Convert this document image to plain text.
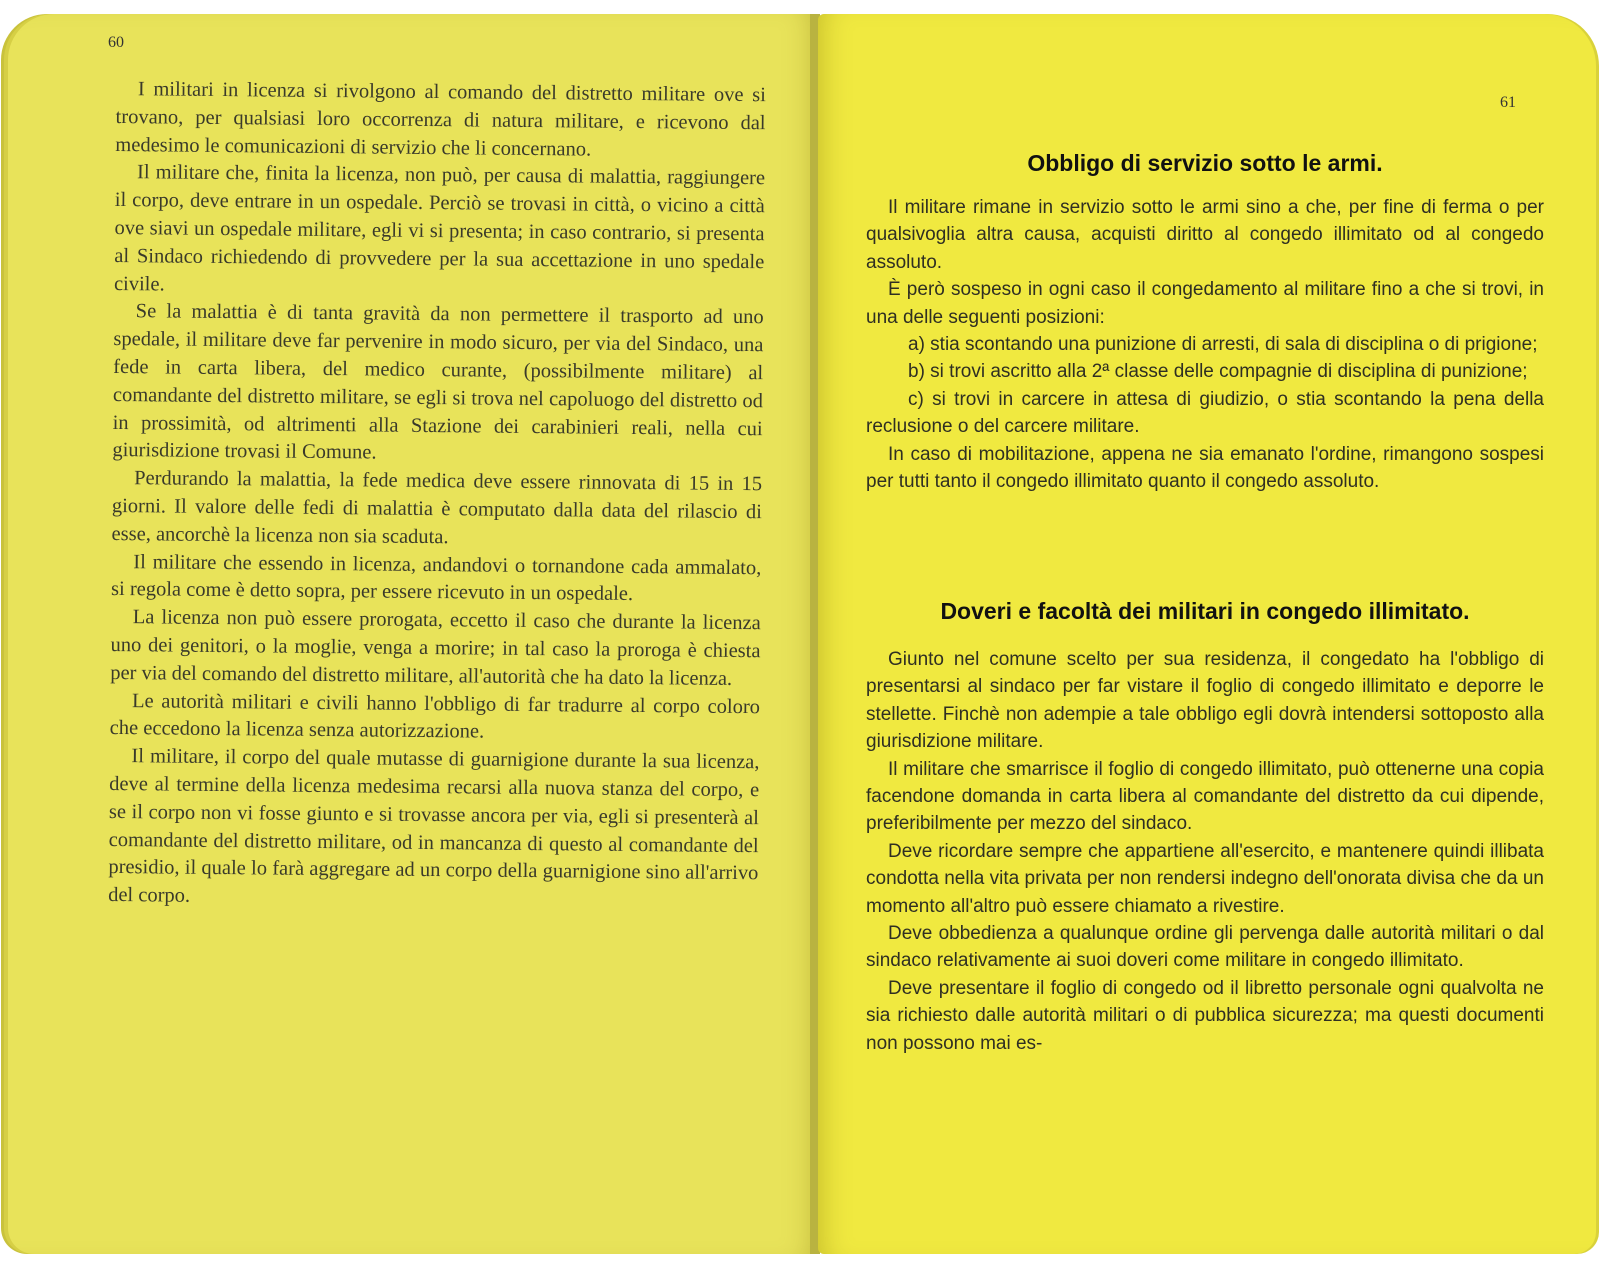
60

I militari in licenza si rivolgono al comando del distretto militare ove si trovano, per qualsiasi loro occorrenza di natura militare, e ricevono dal medesimo le comunicazioni di servizio che li concernano.

Il militare che, finita la licenza, non può, per causa di malattia, raggiungere il corpo, deve entrare in un ospedale. Perciò se trovasi in città, o vicino a città ove siavi un ospedale militare, egli vi si presenta; in caso contrario, si presenta al Sindaco richiedendo di provvedere per la sua accettazione in uno spedale civile.

Se la malattia è di tanta gravità da non permettere il trasporto ad uno spedale, il militare deve far pervenire in modo sicuro, per via del Sindaco, una fede in carta libera, del medico curante, (possibilmente militare) al comandante del distretto militare, se egli si trova nel capoluogo del distretto od in prossimità, od altrimenti alla Stazione dei carabinieri reali, nella cui giurisdizione trovasi il Comune.

Perdurando la malattia, la fede medica deve essere rinnovata di 15 in 15 giorni. Il valore delle fedi di malattia è computato dalla data del rilascio di esse, ancorchè la licenza non sia scaduta.

Il militare che essendo in licenza, andandovi o tornandone cada ammalato, si regola come è detto sopra, per essere ricevuto in un ospedale.

La licenza non può essere prorogata, eccetto il caso che durante la licenza uno dei genitori, o la moglie, venga a morire; in tal caso la proroga è chiesta per via del comando del distretto militare, all'autorità che ha dato la licenza.

Le autorità militari e civili hanno l'obbligo di far tradurre al corpo coloro che eccedono la licenza senza autorizzazione.

Il militare, il corpo del quale mutasse di guarnigione durante la sua licenza, deve al termine della licenza medesima recarsi alla nuova stanza del corpo, e se il corpo non vi fosse giunto e si trovasse ancora per via, egli si presenterà al comandante del distretto militare, od in mancanza di questo al comandante del presidio, il quale lo farà aggregare ad un corpo della guarnigione sino all'arrivo del corpo.

61
Obbligo di servizio sotto le armi.

Il militare rimane in servizio sotto le armi sino a che, per fine di ferma o per qualsivoglia altra causa, acquisti diritto al congedo illimitato od al congedo assoluto.

È però sospeso in ogni caso il congedamento al militare fino a che si trovi, in una delle seguenti posizioni:

a) stia scontando una punizione di arresti, di sala di disciplina o di prigione;

b) si trovi ascritto alla 2ª classe delle compagnie di disciplina di punizione;

c) si trovi in carcere in attesa di giudizio, o stia scontando la pena della reclusione o del carcere militare.

In caso di mobilitazione, appena ne sia emanato l'ordine, rimangono sospesi per tutti tanto il congedo illimitato quanto il congedo assoluto.

Doveri e facoltà dei militari in congedo illimitato.

Giunto nel comune scelto per sua residenza, il congedato ha l'obbligo di presentarsi al sindaco per far vistare il foglio di congedo illimitato e deporre le stellette. Finchè non adempie a tale obbligo egli dovrà intendersi sottoposto alla giurisdizione militare.

Il militare che smarrisce il foglio di congedo illimitato, può ottenerne una copia facendone domanda in carta libera al comandante del distretto da cui dipende, preferibilmente per mezzo del sindaco.

Deve ricordare sempre che appartiene all'esercito, e mantenere quindi illibata condotta nella vita privata per non rendersi indegno dell'onorata divisa che da un momento all'altro può essere chiamato a rivestire.

Deve obbedienza a qualunque ordine gli pervenga dalle autorità militari o dal sindaco relativamente ai suoi doveri come militare in congedo illimitato.

Deve presentare il foglio di congedo od il libretto personale ogni qualvolta ne sia richiesto dalle autorità militari o di pubblica sicurezza; ma questi documenti non possono mai es-
